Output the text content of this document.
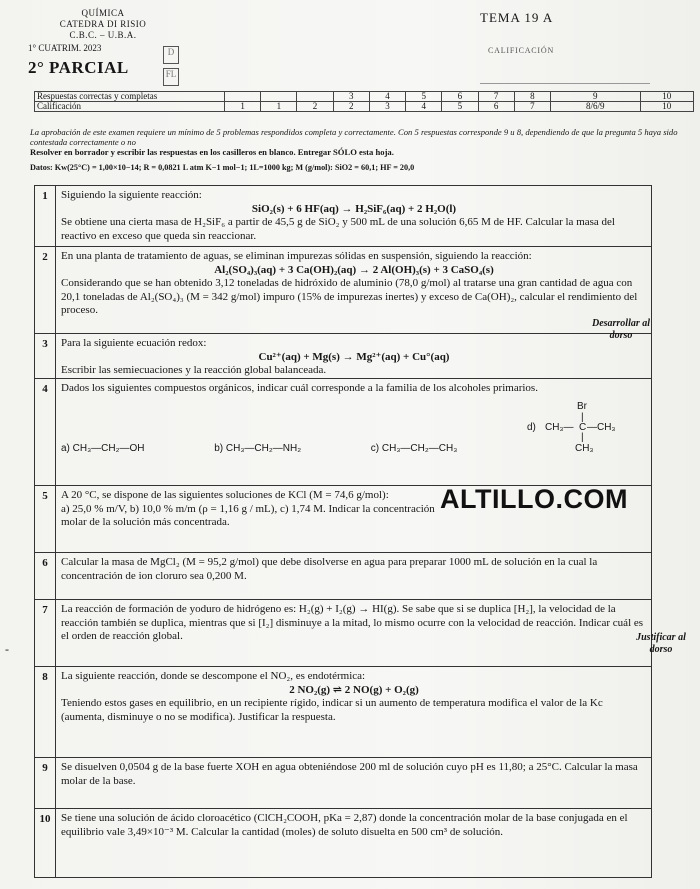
QUÍMICA
CATEDRA DI RISIO
C.B.C. – U.B.A.
1° CUATRIM. 2023
2° PARCIAL
D
FL
TEMA 19 A
CALIFICACIÓN
Respuestas correctas y completas				3	4	5	6	7	8	9	10
Calificación	1	1	2	2	3	4	5	6	7	8/6/9	10
La aprobación de este examen requiere un mínimo de 5 problemas respondidos completa y correctamente. Con 5 respuestas corresponde 9 u 8, dependiendo de que la pregunta 5 haya sido contestada correctamente o no
Resolver en borrador y escribir las respuestas en los casilleros en blanco. Entregar SÓLO esta hoja.
Datos: Kw(25°C) = 1,00×10−14; R = 0,0821 L atm K−1 mol−1; 1L=1000 kg; M (g/mol): SiO2 = 60,1; HF = 20,0
1	Siguiendo la siguiente reacción:
SiO₂(s) + 6 HF(aq) → H₂SiF₆(aq) + 2 H₂O(l)
Se obtiene una cierta masa de H₂SiF₆ a partir de 45,5 g de SiO₂ y 500 mL de una solución 6,65 M de HF. Calcular la masa del reactivo en exceso que queda sin reaccionar.
2	En una planta de tratamiento de aguas, se eliminan impurezas sólidas en suspensión, siguiendo la reacción:
Al₂(SO₄)₃(aq) + 3 Ca(OH)₂(aq) → 2 Al(OH)₃(s) + 3 CaSO₄(s)
Considerando que se han obtenido 3,12 toneladas de hidróxido de aluminio (78,0 g/mol) al tratarse una gran cantidad de agua con 20,1 toneladas de Al₂(SO₄)₃ (M = 342 g/mol) impuro (15% de impurezas inertes) y exceso de Ca(OH)₂, calcular el rendimiento del proceso.
3	Para la siguiente ecuación redox:
Cu²⁺(aq) + Mg(s) → Mg²⁺(aq) + Cu°(aq)
Escribir las semiecuaciones y la reacción global balanceada.
4	Dados los siguientes compuestos orgánicos, indicar cuál corresponde a la familia de los alcoholes primarios.
a) CH₃—CH₂—OH	b) CH₃—CH₂—NH₂	c) CH₃—CH₂—CH₃
d)
Br
|
CH₃— C —CH₃
|
CH₃
5	A 20 °C, se dispone de las siguientes soluciones de KCl (M = 74,6 g/mol):
a) 25,0 % m/V, b) 10,0 % m/m (ρ = 1,16 g / mL), c) 1,74 M. Indicar la concentración molar de la solución más concentrada.
6	Calcular la masa de MgCl₂ (M = 95,2 g/mol) que debe disolverse en agua para preparar 1000 mL de solución en la cual la concentración de ion cloruro sea 0,200 M.
7	La reacción de formación de yoduro de hidrógeno es: H₂(g) + I₂(g) → HI(g). Se sabe que si se duplica [H₂], la velocidad de la reacción también se duplica, mientras que si [I₂] disminuye a la mitad, lo mismo ocurre con la velocidad de reacción. Indicar cuál es el orden de reacción global.
8	La siguiente reacción, donde se descompone el NO₂, es endotérmica:
2 NO₂(g) ⇌ 2 NO(g) + O₂(g)
Teniendo estos gases en equilibrio, en un recipiente rígido, indicar si un aumento de temperatura modifica el valor de la Kc (aumenta, disminuye o no se modifica). Justificar la respuesta.
9	Se disuelven 0,0504 g de la base fuerte XOH en agua obteniéndose 200 ml de solución cuyo pH es 11,80; a 25°C. Calcular la masa molar de la base.
10 Se tiene una solución de ácido cloroacético (ClCH₂COOH, pKa = 2,87) donde la concentración molar de la base conjugada en el equilibrio vale 3,49×10⁻³ M. Calcular la cantidad (moles) de soluto disuelta en 500 cm³ de solución.
Desarrollar al dorso
Justificar al dorso
ALTILLO.COM
-
